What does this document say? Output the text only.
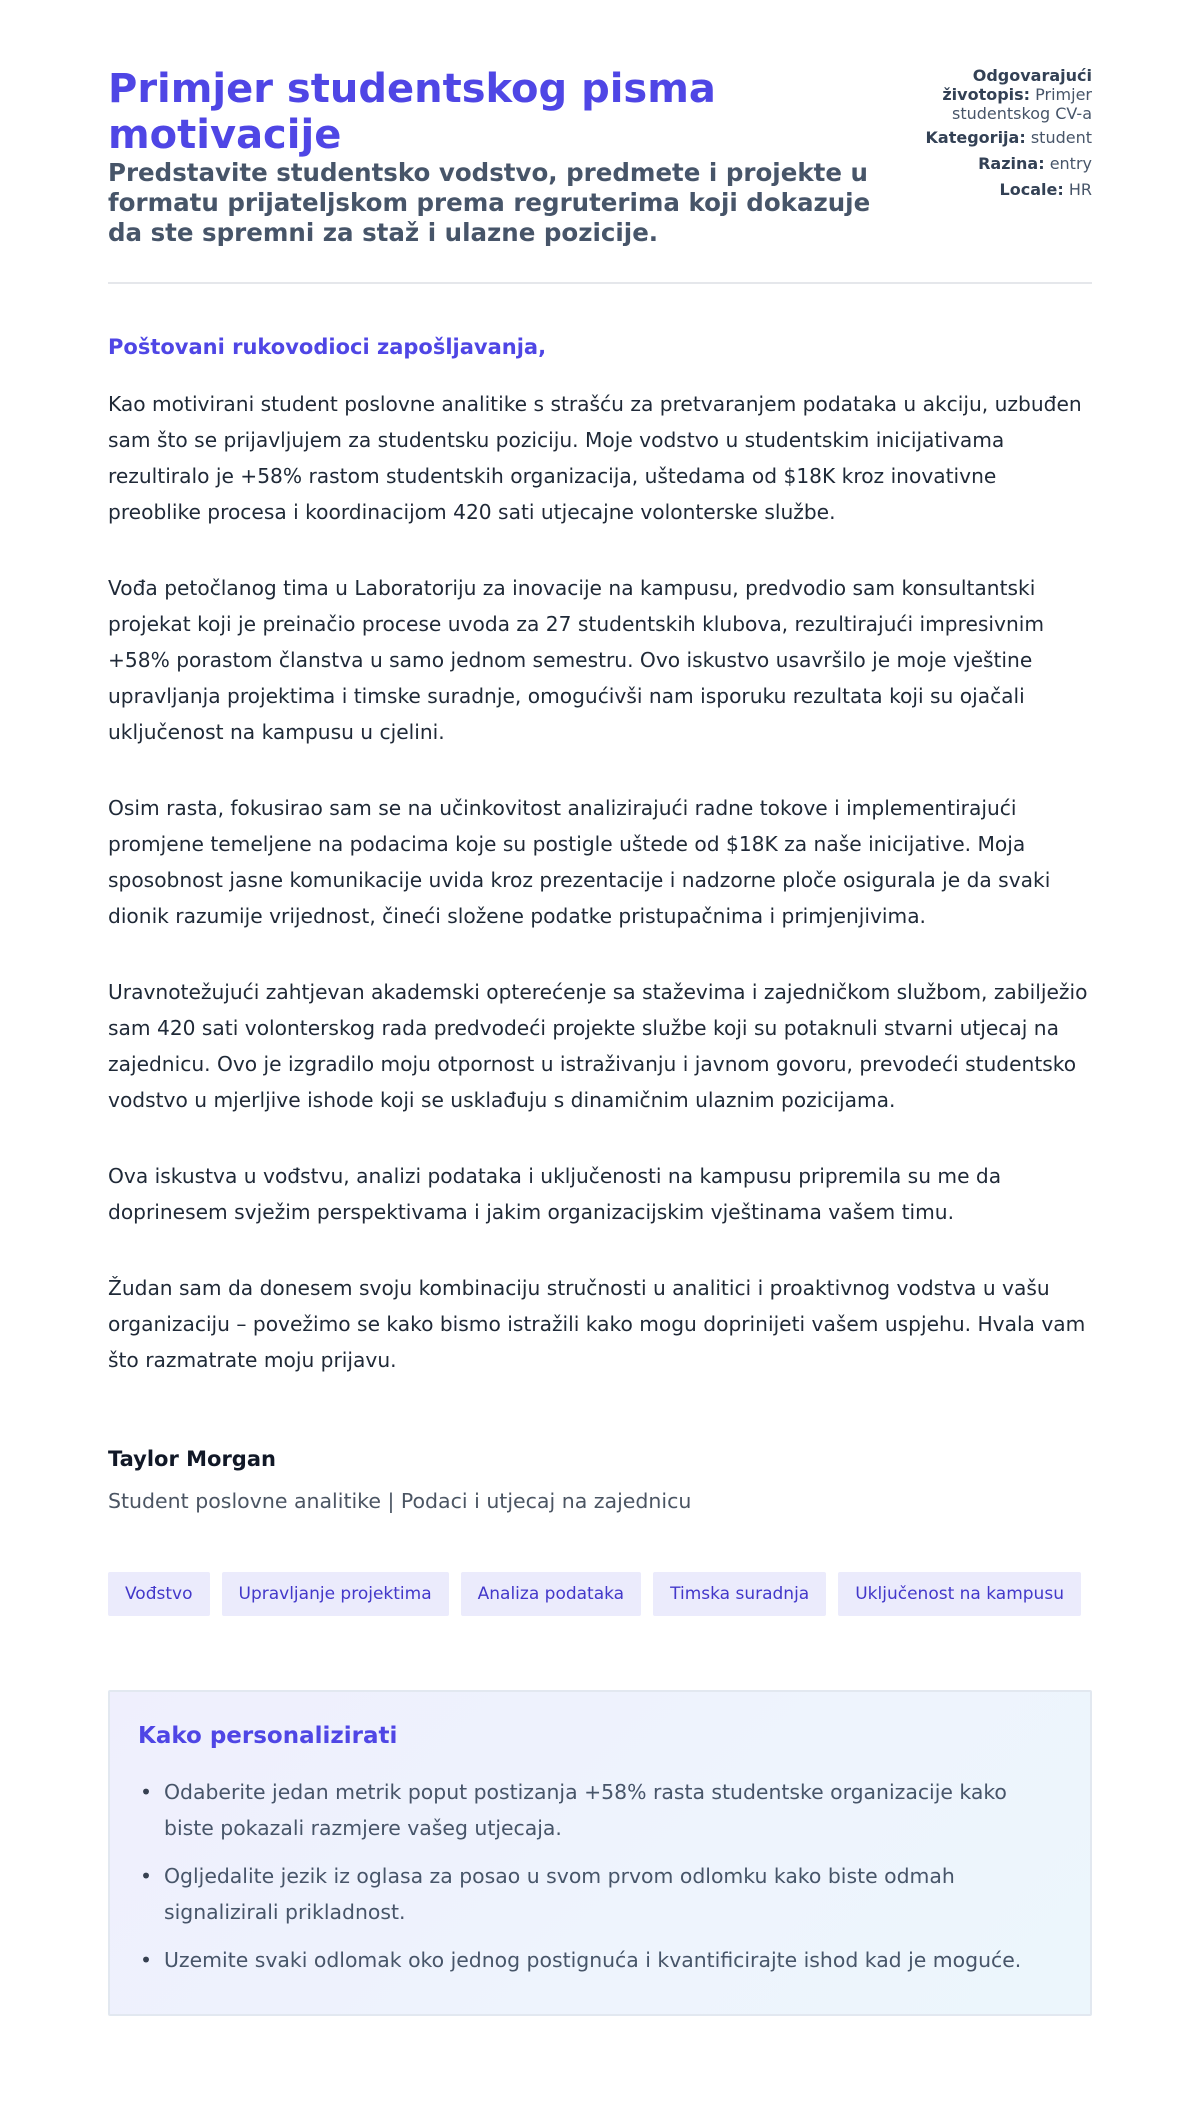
Primjer studentskog pisma motivacije
Predstavite studentsko vodstvo, predmete i projekte u formatu prijateljskom prema regruterima koji dokazuje da ste spremni za staž i ulazne pozicije.
Odgovarajući životopis: Primjer studentskog CV-a
Kategorija: student
Razina: entry
Locale: HR
Poštovani rukovodioci zapošljavanja,

Kao motivirani student poslovne analitike s strašću za pretvaranjem podataka u akciju, uzbuđen sam što se prijavljujem za studentsku poziciju. Moje vodstvo u studentskim inicijativama rezultiralo je +58% rastom studentskih organizacija, uštedama od $18K kroz inovativne preoblike procesa i koordinacijom 420 sati utjecajne volonterske službe.

Vođa petočlanog tima u Laboratoriju za inovacije na kampusu, predvodio sam konsultantski projekat koji je preinačio procese uvoda za 27 studentskih klubova, rezultirajući impresivnim +58% porastom članstva u samo jednom semestru. Ovo iskustvo usavršilo je moje vještine upravljanja projektima i timske suradnje, omogućivši nam isporuku rezultata koji su ojačali uključenost na kampusu u cjelini.

Osim rasta, fokusirao sam se na učinkovitost analizirajući radne tokove i implementirajući promjene temeljene na podacima koje su postigle uštede od $18K za naše inicijative. Moja sposobnost jasne komunikacije uvida kroz prezentacije i nadzorne ploče osigurala je da svaki dionik razumije vrijednost, čineći složene podatke pristupačnima i primjenjivima.

Uravnotežujući zahtjevan akademski opterećenje sa staževima i zajedničkom službom, zabilježio sam 420 sati volonterskog rada predvodeći projekte službe koji su potaknuli stvarni utjecaj na zajednicu. Ovo je izgradilo moju otpornost u istraživanju i javnom govoru, prevodeći studentsko vodstvo u mjerljive ishode koji se usklađuju s dinamičnim ulaznim pozicijama.

Ova iskustva u vođstvu, analizi podataka i uključenosti na kampusu pripremila su me da doprinesem svježim perspektivama i jakim organizacijskim vještinama vašem timu.

Žudan sam da donesem svoju kombinaciju stručnosti u analitici i proaktivnog vodstva u vašu organizaciju – povežimo se kako bismo istražili kako mogu doprinijeti vašem uspjehu. Hvala vam što razmatrate moju prijavu.

Taylor Morgan
Student poslovne analitike | Podaci i utjecaj na zajednicu
Vođstvo	Upravljanje projektima	Analiza podataka	Timska suradnja	Uključenost na kampusu
Kako personalizirati
• Odaberite jedan metrik poput postizanja +58% rasta studentske organizacije kako biste pokazali razmjere vašeg utjecaja.
• Ogljedalite jezik iz oglasa za posao u svom prvom odlomku kako biste odmah signalizirali prikladnost.
• Uzemite svaki odlomak oko jednog postignuća i kvantificirajte ishod kad je moguće.
